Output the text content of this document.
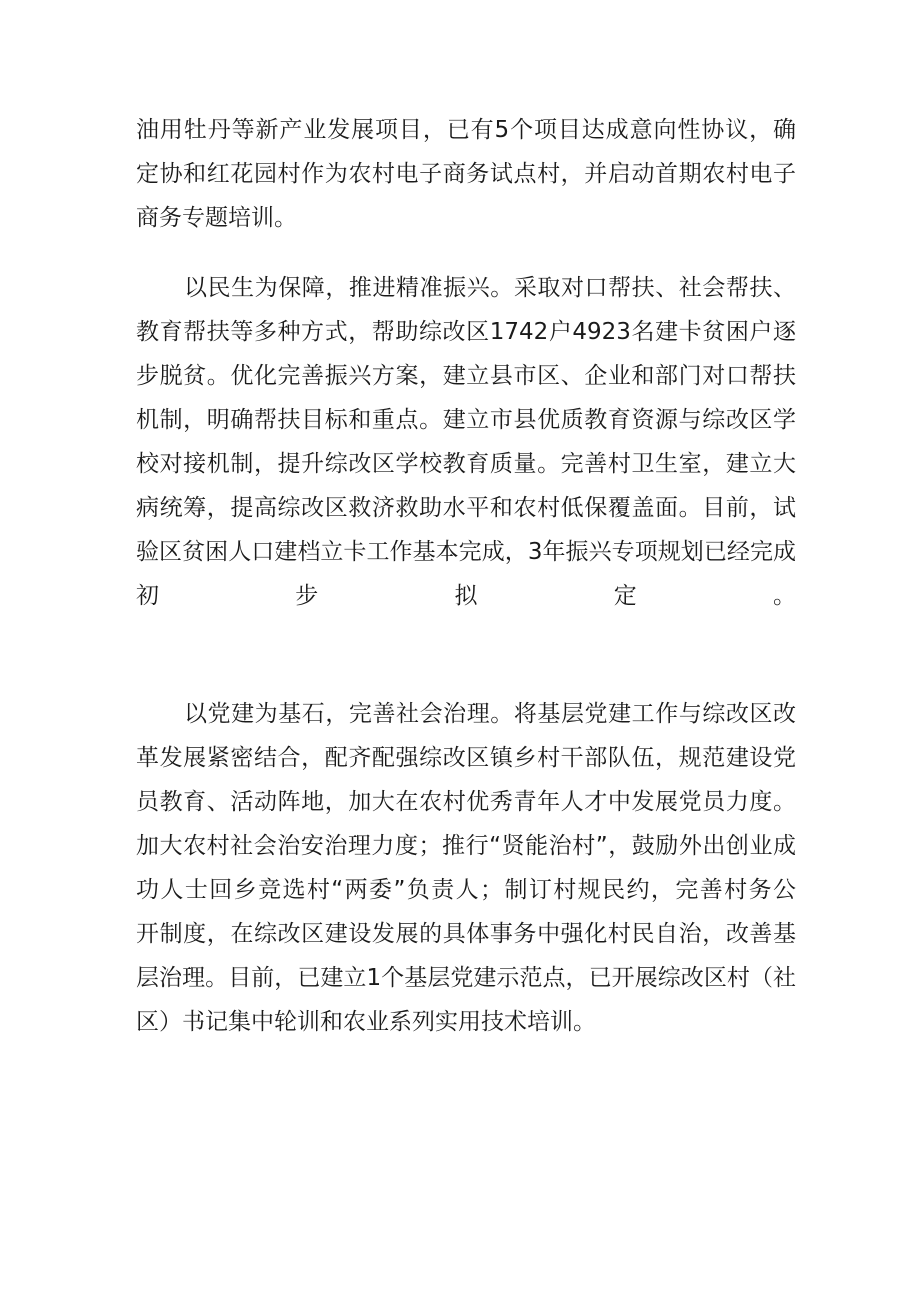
油用牡丹等新产业发展项目，已有5个项目达成意向性协议，确
定协和红花园村作为农村电子商务试点村，并启动首期农村电子
商务专题培训。
以民生为保障，推进精准振兴。采取对口帮扶、社会帮扶、
教育帮扶等多种方式，帮助综改区1742户4923名建卡贫困户逐
步脱贫。优化完善振兴方案，建立县市区、企业和部门对口帮扶
机制，明确帮扶目标和重点。建立市县优质教育资源与综改区学
校对接机制，提升综改区学校教育质量。完善村卫生室，建立大
病统筹，提高综改区救济救助水平和农村低保覆盖面。目前，试
验区贫困人口建档立卡工作基本完成，3年振兴专项规划已经完成
初步拟定。
以党建为基石，完善社会治理。将基层党建工作与综改区改
革发展紧密结合，配齐配强综改区镇乡村干部队伍，规范建设党
员教育、活动阵地，加大在农村优秀青年人才中发展党员力度。
加大农村社会治安治理力度；推行“贤能治村”，鼓励外出创业成
功人士回乡竞选村“两委”负责人；制订村规民约，完善村务公
开制度，在综改区建设发展的具体事务中强化村民自治，改善基
层治理。目前，已建立1个基层党建示范点，已开展综改区村（社
区）书记集中轮训和农业系列实用技术培训。
